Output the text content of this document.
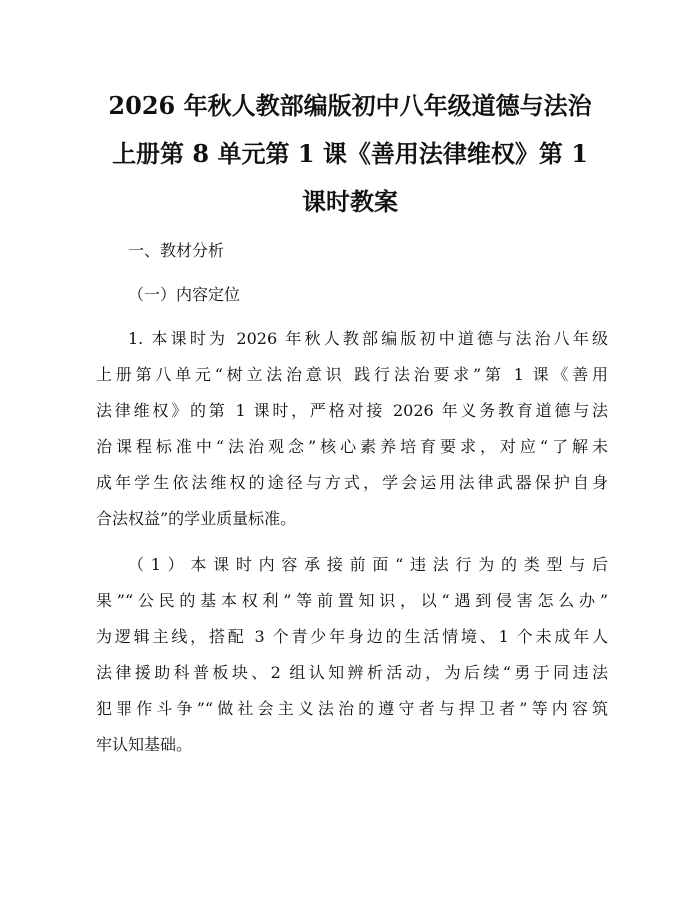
2026 年秋人教部编版初中八年级道德与法治
上册第 8 单元第 1 课《善用法律维权》第 1
课时教案
一、教材分析
（一）内容定位
1. 本课时为 2026 年秋人教部编版初中道德与法治八年级
上册第八单元“树立法治意识 践行法治要求”第 1 课《善用
法律维权》的第 1 课时，严格对接 2026 年义务教育道德与法
治课程标准中“法治观念”核心素养培育要求，对应“了解未
成年学生依法维权的途径与方式，学会运用法律武器保护自身
合法权益”的学业质量标准。
（1）本课时内容承接前面“违法行为的类型与后
果”“公民的基本权利”等前置知识，以“遇到侵害怎么办”
为逻辑主线，搭配 3 个青少年身边的生活情境、1 个未成年人
法律援助科普板块、2 组认知辨析活动，为后续“勇于同违法
犯罪作斗争”“做社会主义法治的遵守者与捍卫者”等内容筑
牢认知基础。
